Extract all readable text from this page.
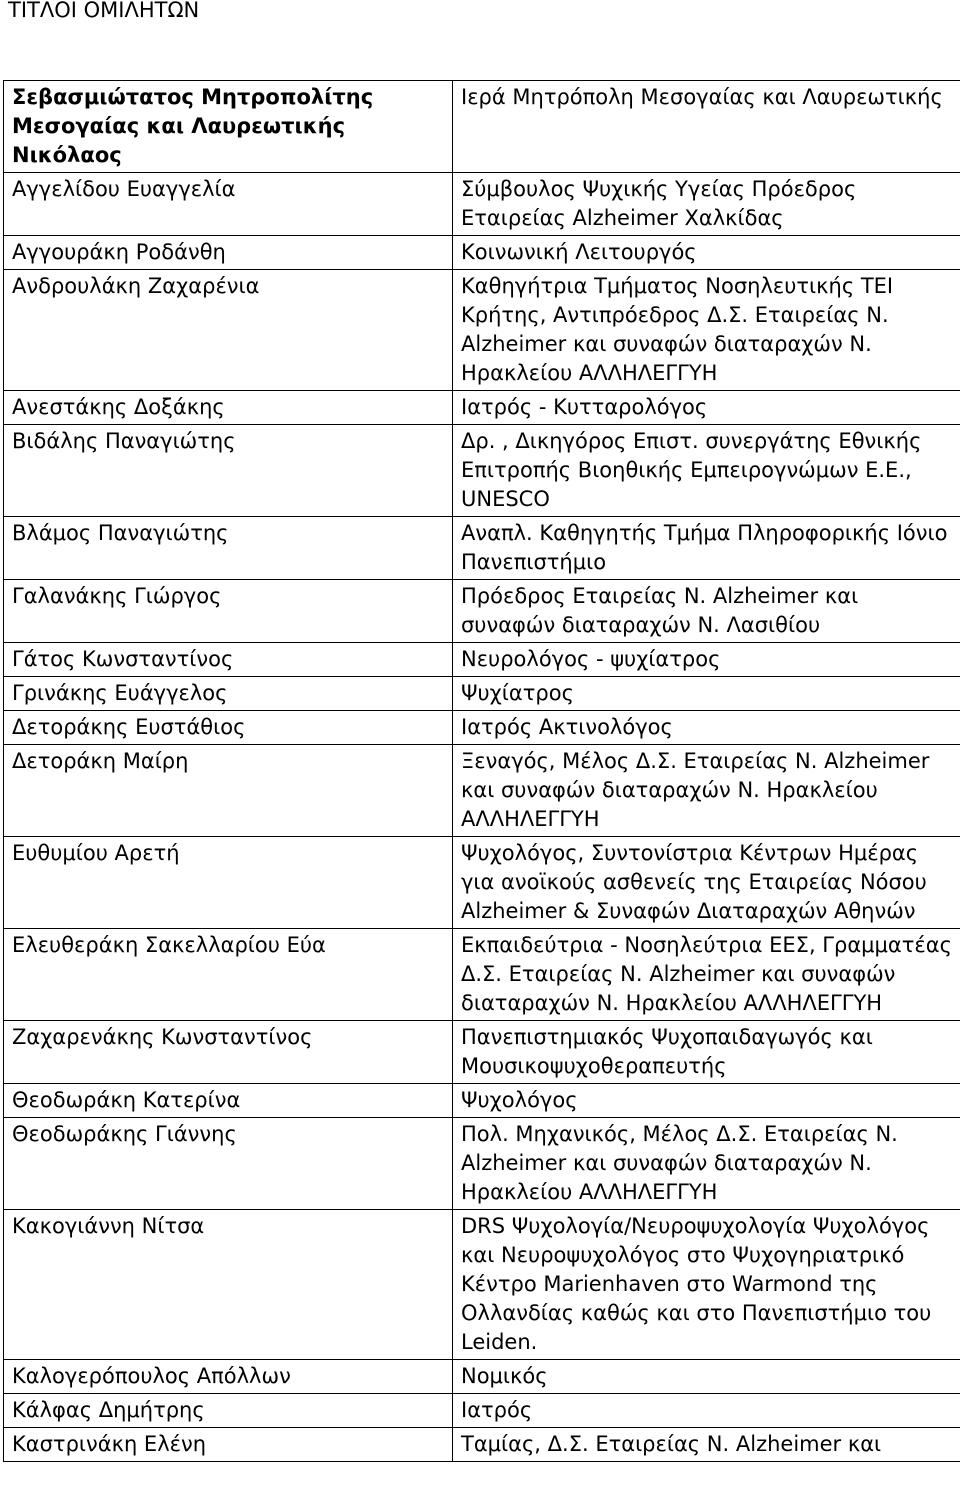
ΤΙΤΛΟΙ ΟΜΙΛΗΤΩΝ
Σεβασμιώτατος Μητροπολίτης Μεσογαίας και Λαυρεωτικής Νικόλαος	Ιερά Μητρόπολη Μεσογαίας και Λαυρεωτικής
Αγγελίδου Ευαγγελία	Σύμβουλος Ψυχικής Υγείας Πρόεδρος Εταιρείας Alzheimer Χαλκίδας
Αγγουράκη Ροδάνθη	Κοινωνική Λειτουργός
Ανδρουλάκη Ζαχαρένια	Καθηγήτρια Τμήματος Νοσηλευτικής ΤΕΙ Κρήτης, Αντιπρόεδρος Δ.Σ. Εταιρείας Ν. Alzheimer και συναφών διαταραχών Ν. Ηρακλείου ΑΛΛΗΛΕΓΓΥΗ
Ανεστάκης Δοξάκης	Ιατρός - Κυτταρολόγος
Βιδάλης Παναγιώτης	Δρ. , Δικηγόρος Επιστ. συνεργάτης Εθνικής Επιτροπής Βιοηθικής Εμπειρογνώμων Ε.Ε., UNESCO
Βλάμος Παναγιώτης	Αναπλ. Καθηγητής Τμήμα Πληροφορικής Ιόνιο Πανεπιστήμιο
Γαλανάκης Γιώργος	Πρόεδρος Εταιρείας Ν. Alzheimer και συναφών διαταραχών Ν. Λασιθίου
Γάτος Κωνσταντίνος	Νευρολόγος - ψυχίατρος
Γρινάκης Ευάγγελος	Ψυχίατρος
Δετοράκης Ευστάθιος	Ιατρός Ακτινολόγος
Δετοράκη Μαίρη	Ξεναγός, Μέλος Δ.Σ. Εταιρείας Ν. Alzheimer και συναφών διαταραχών Ν. Ηρακλείου ΑΛΛΗΛΕΓΓΥΗ
Ευθυμίου Αρετή	Ψυχολόγος, Συντονίστρια Κέντρων Ημέρας για ανοϊκούς ασθενείς της Εταιρείας Νόσου Alzheimer & Συναφών Διαταραχών Αθηνών
Ελευθεράκη Σακελλαρίου Εύα	Εκπαιδεύτρια - Νοσηλεύτρια ΕΕΣ, Γραμματέας Δ.Σ. Εταιρείας Ν. Alzheimer και συναφών διαταραχών Ν. Ηρακλείου ΑΛΛΗΛΕΓΓΥΗ
Ζαχαρενάκης Κωνσταντίνος	Πανεπιστημιακός Ψυχοπαιδαγωγός και Μουσικοψυχοθεραπευτής
Θεοδωράκη Κατερίνα	Ψυχολόγος
Θεοδωράκης Γιάννης	Πολ. Μηχανικός, Μέλος Δ.Σ. Εταιρείας Ν. Alzheimer και συναφών διαταραχών Ν. Ηρακλείου ΑΛΛΗΛΕΓΓΥΗ
Κακογιάννη Νίτσα	DRS Ψυχολογία/Νευροψυχολογία Ψυχολόγος και Νευροψυχολόγος στο Ψυχογηριατρικό Κέντρο Marienhaven στο Warmond της Ολλανδίας καθώς και στο Πανεπιστήμιο του Leiden.
Καλογερόπουλος Απόλλων	Νομικός
Κάλφας Δημήτρης	Ιατρός
Καστρινάκη Ελένη	Ταμίας, Δ.Σ. Εταιρείας Ν. Alzheimer και
